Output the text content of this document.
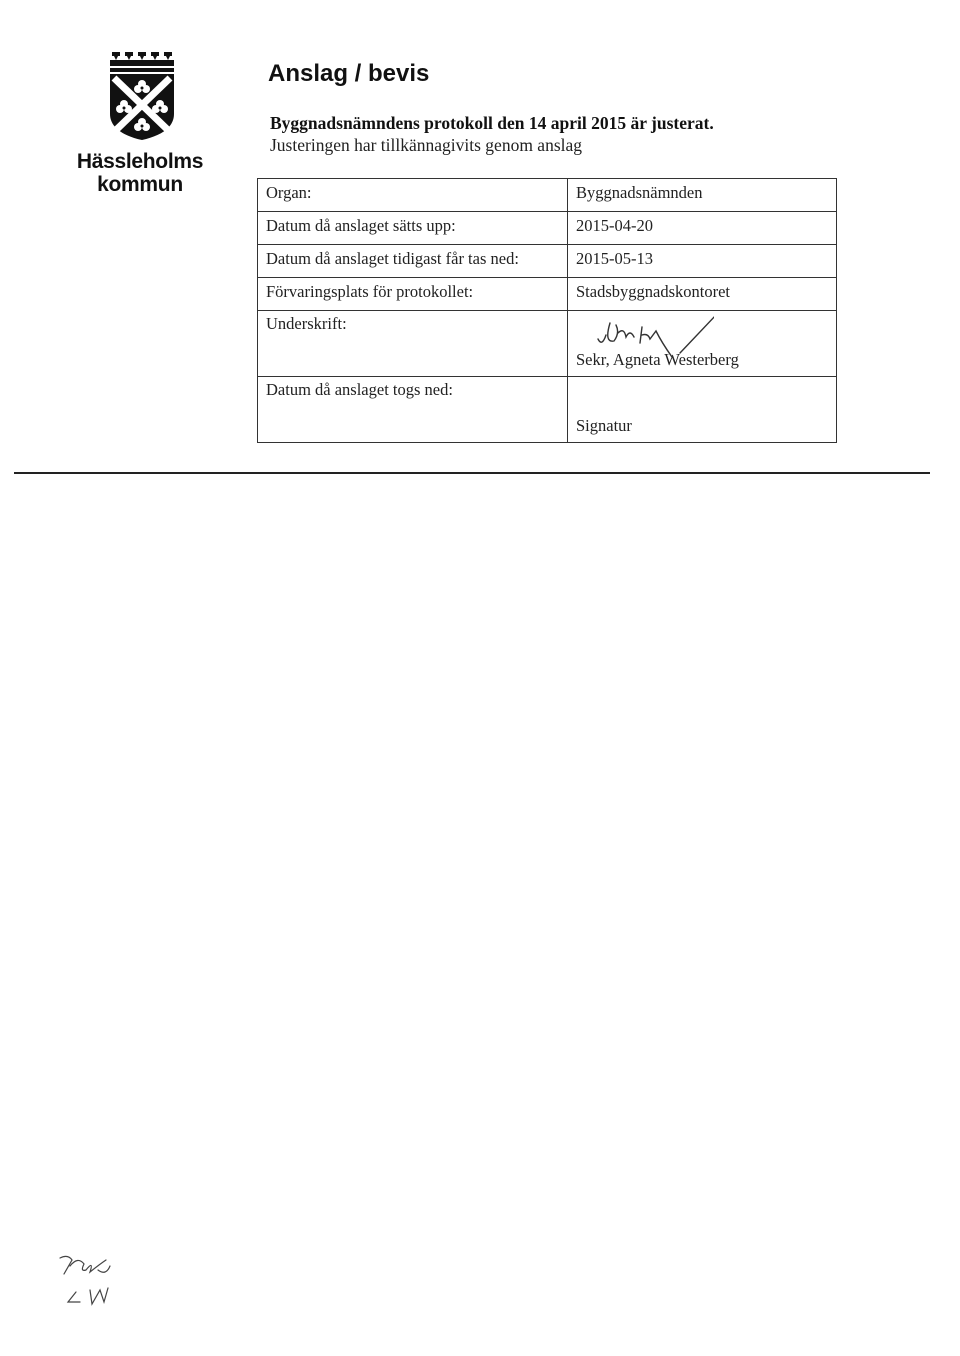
Hässleholms
kommun
Anslag / bevis
Byggnadsnämndens protokoll den 14 april 2015 är justerat.
Justeringen har tillkännagivits genom anslag
Organ:	Byggnadsnämnden
Datum då anslaget sätts upp:	2015-04-20
Datum då anslaget tidigast får tas ned:	2015-05-13
Förvaringsplats för protokollet:	Stadsbyggnadskontoret
Underskrift:	Sekr, Agneta Westerberg
Datum då anslaget togs ned:	Signatur
